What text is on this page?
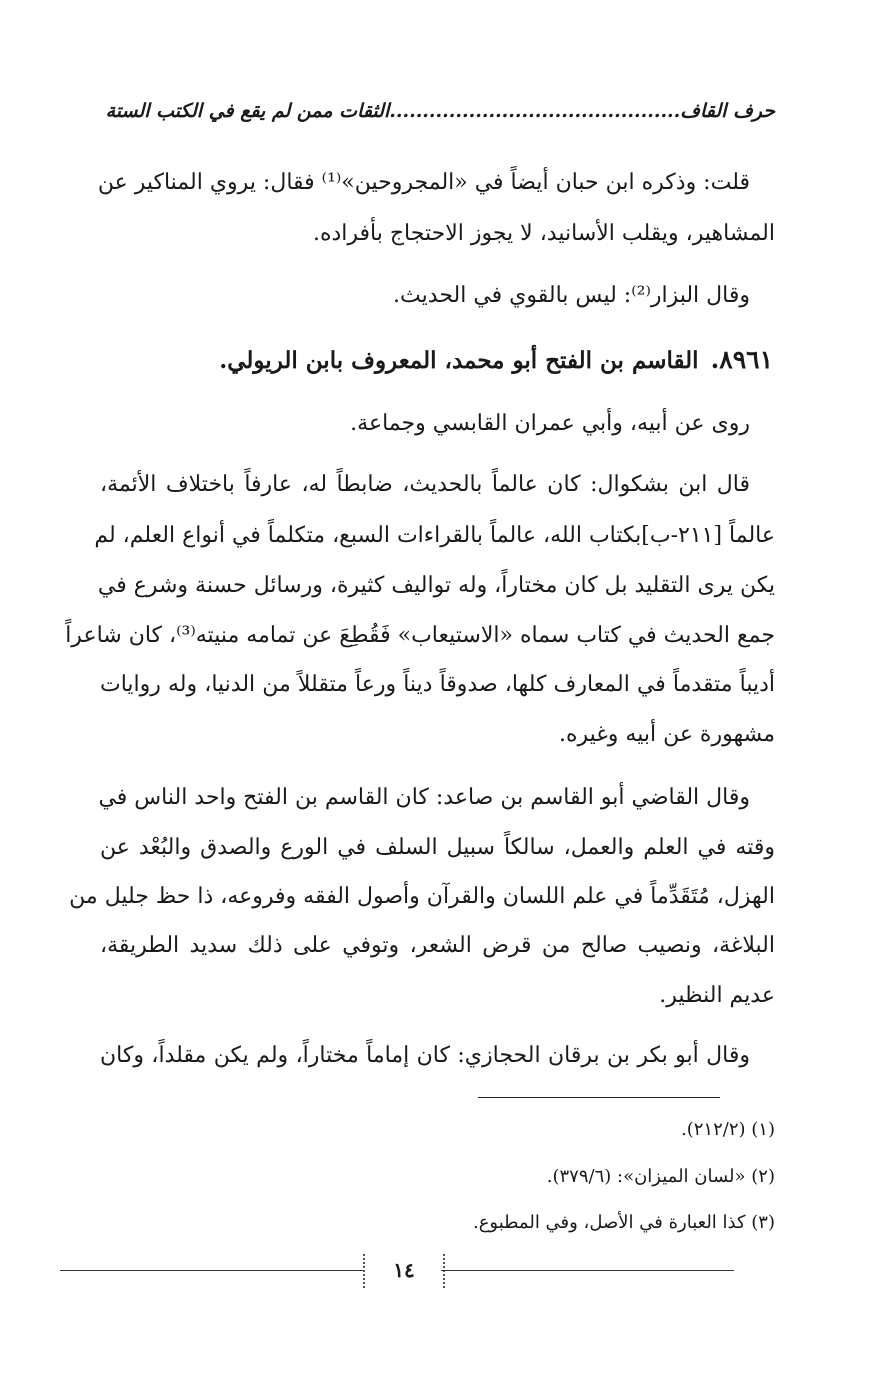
حرف القاف............................................الثقات ممن لم يقع في الكتب الستة
قلت: وذكره ابن حبان أيضاً في «المجروحين»⁽¹⁾ فقال: يروي المناكير عن
المشاهير، ويقلب الأسانيد، لا يجوز الاحتجاج بأفراده.
وقال البزار⁽²⁾: ليس بالقوي في الحديث.
٨٩٦١.القاسم بن الفتح أبو محمد، المعروف بابن الريولي.
روى عن أبيه، وأبي عمران القابسي وجماعة.
قال ابن بشكوال: كان عالماً بالحديث، ضابطاً له، عارفاً باختلاف الأئمة،
عالماً [٢١١-ب]بكتاب الله، عالماً بالقراءات السبع، متكلماً في أنواع العلم، لم
يكن يرى التقليد بل كان مختاراً، وله تواليف كثيرة، ورسائل حسنة وشرع في
جمع الحديث في كتاب سماه «الاستيعاب» فَقُطِعَ عن تمامه منيته⁽³⁾، كان شاعراً
أديباً متقدماً في المعارف كلها، صدوقاً ديناً ورعاً متقللاً من الدنيا، وله روايات
مشهورة عن أبيه وغيره.
وقال القاضي أبو القاسم بن صاعد: كان القاسم بن الفتح واحد الناس في
وقته في العلم والعمل، سالكاً سبيل السلف في الورع والصدق والبُعْد عن
الهزل، مُتَقَدِّماً في علم اللسان والقرآن وأصول الفقه وفروعه، ذا حظ جليل من
البلاغة، ونصيب صالح من قرض الشعر، وتوفي على ذلك سديد الطريقة،
عديم النظير.
وقال أبو بكر بن برقان الحجازي: كان إماماً مختاراً، ولم يكن مقلداً، وكان
(١) (٢١٢/٢).
(٢) «لسان الميزان»: (٣٧٩/٦).
(٣) كذا العبارة في الأصل، وفي المطبوع.
١٤
